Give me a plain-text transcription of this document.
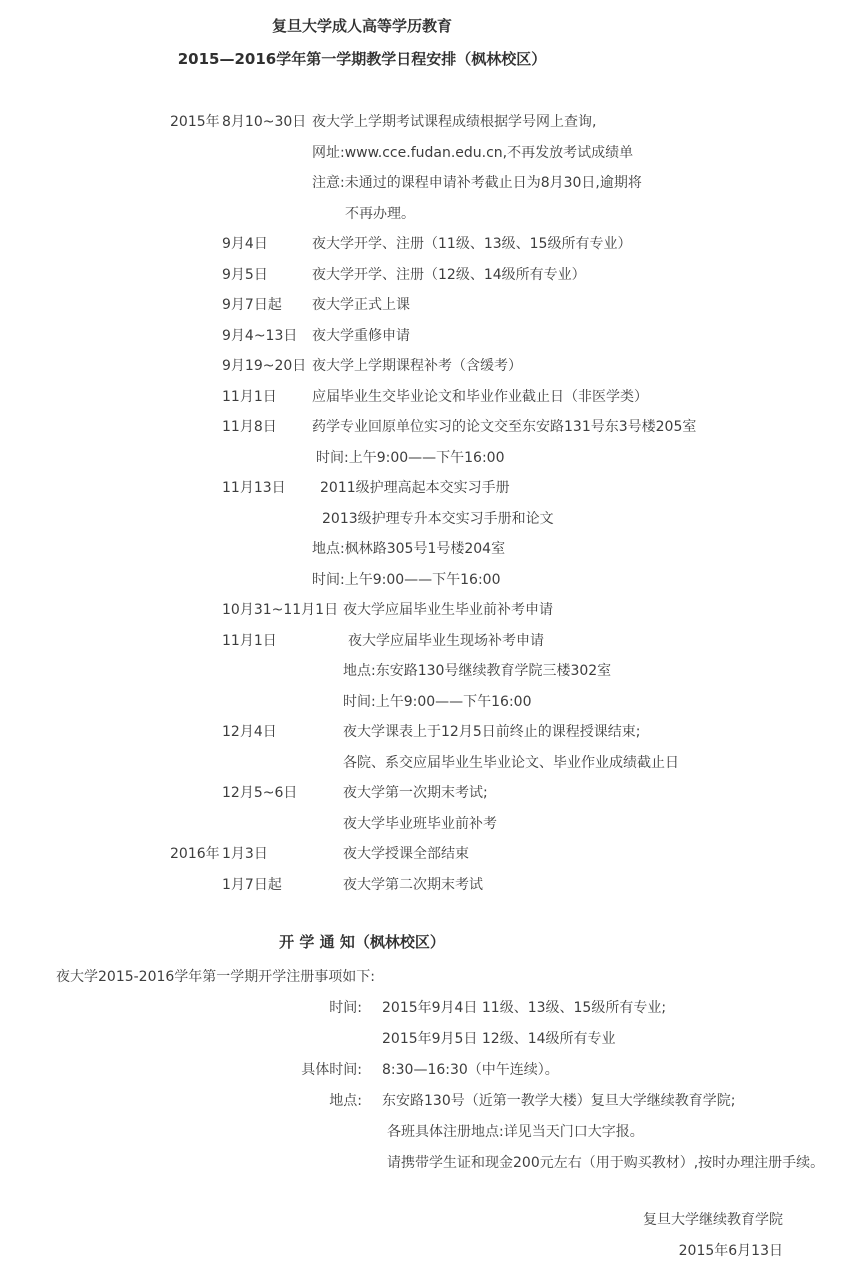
复旦大学成人高等学历教育
2015—2016学年第一学期教学日程安排（枫林校区）
2015年 8月10~30日 夜大学上学期考试课程成绩根据学号网上查询,
网址:www.cce.fudan.edu.cn,不再发放考试成绩单
注意:未通过的课程申请补考截止日为8月30日,逾期将
不再办理。
9月4日	夜大学开学、注册（11级、13级、15级所有专业）
9月5日	夜大学开学、注册（12级、14级所有专业）
9月7日起	夜大学正式上课
9月4~13日	夜大学重修申请
9月19~20日 夜大学上学期课程补考（含缓考）
11月1日	应届毕业生交毕业论文和毕业作业截止日（非医学类）
11月8日	药学专业回原单位实习的论文交至东安路131号东3号楼205室
时间:上午9:00——下午16:00
11月13日	2011级护理高起本交实习手册
2013级护理专升本交实习手册和论文
地点:枫林路305号1号楼204室
时间:上午9:00——下午16:00
10月31~11月1日 夜大学应届毕业生毕业前补考申请
11月1日	夜大学应届毕业生现场补考申请
地点:东安路130号继续教育学院三楼302室
时间:上午9:00——下午16:00
12月4日	夜大学课表上于12月5日前终止的课程授课结束;
各院、系交应届毕业生毕业论文、毕业作业成绩截止日
12月5~6日	夜大学第一次期末考试;
夜大学毕业班毕业前补考
2016年 1月3日	夜大学授课全部结束
1月7日起	夜大学第二次期末考试
开 学 通 知（枫林校区）
夜大学2015-2016学年第一学期开学注册事项如下:
时间: 2015年9月4日 11级、13级、15级所有专业;
2015年9月5日 12级、14级所有专业
具体时间: 8:30—16:30（中午连续）。
地点: 东安路130号（近第一教学大楼）复旦大学继续教育学院;
各班具体注册地点:详见当天门口大字报。
请携带学生证和现金200元左右（用于购买教材）,按时办理注册手续。
复旦大学继续教育学院
2015年6月13日
